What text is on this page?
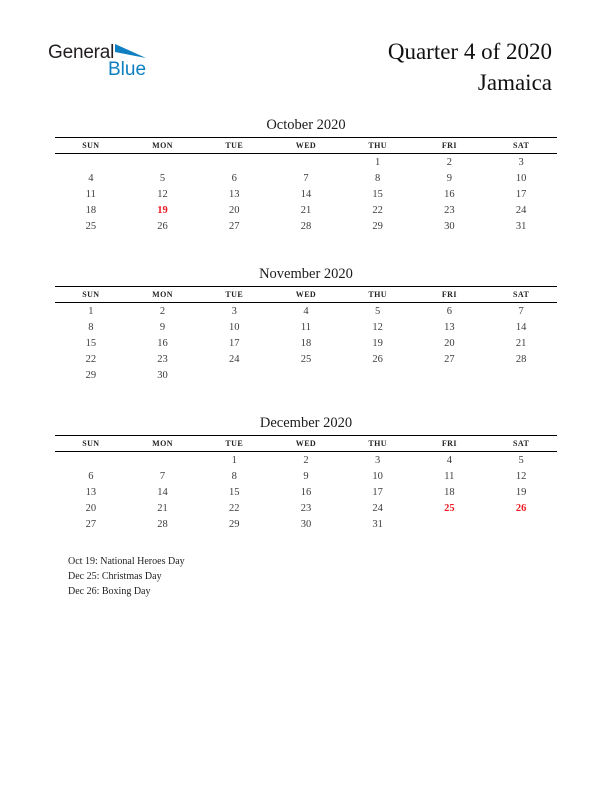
General
Blue
Quarter 4 of 2020
Jamaica
October 2020
SUN	MON	TUE	WED	THU	FRI	SAT
				1	2	3
4	5	6	7	8	9	10
11	12	13	14	15	16	17
18	19	20	21	22	23	24
25	26	27	28	29	30	31
November 2020
SUN	MON	TUE	WED	THU	FRI	SAT
1	2	3	4	5	6	7
8	9	10	11	12	13	14
15	16	17	18	19	20	21
22	23	24	25	26	27	28
29	30					
December 2020
SUN	MON	TUE	WED	THU	FRI	SAT
		1	2	3	4	5
6	7	8	9	10	11	12
13	14	15	16	17	18	19
20	21	22	23	24	25	26
27	28	29	30	31		
Oct 19: National Heroes Day
Dec 25: Christmas Day
Dec 26: Boxing Day
